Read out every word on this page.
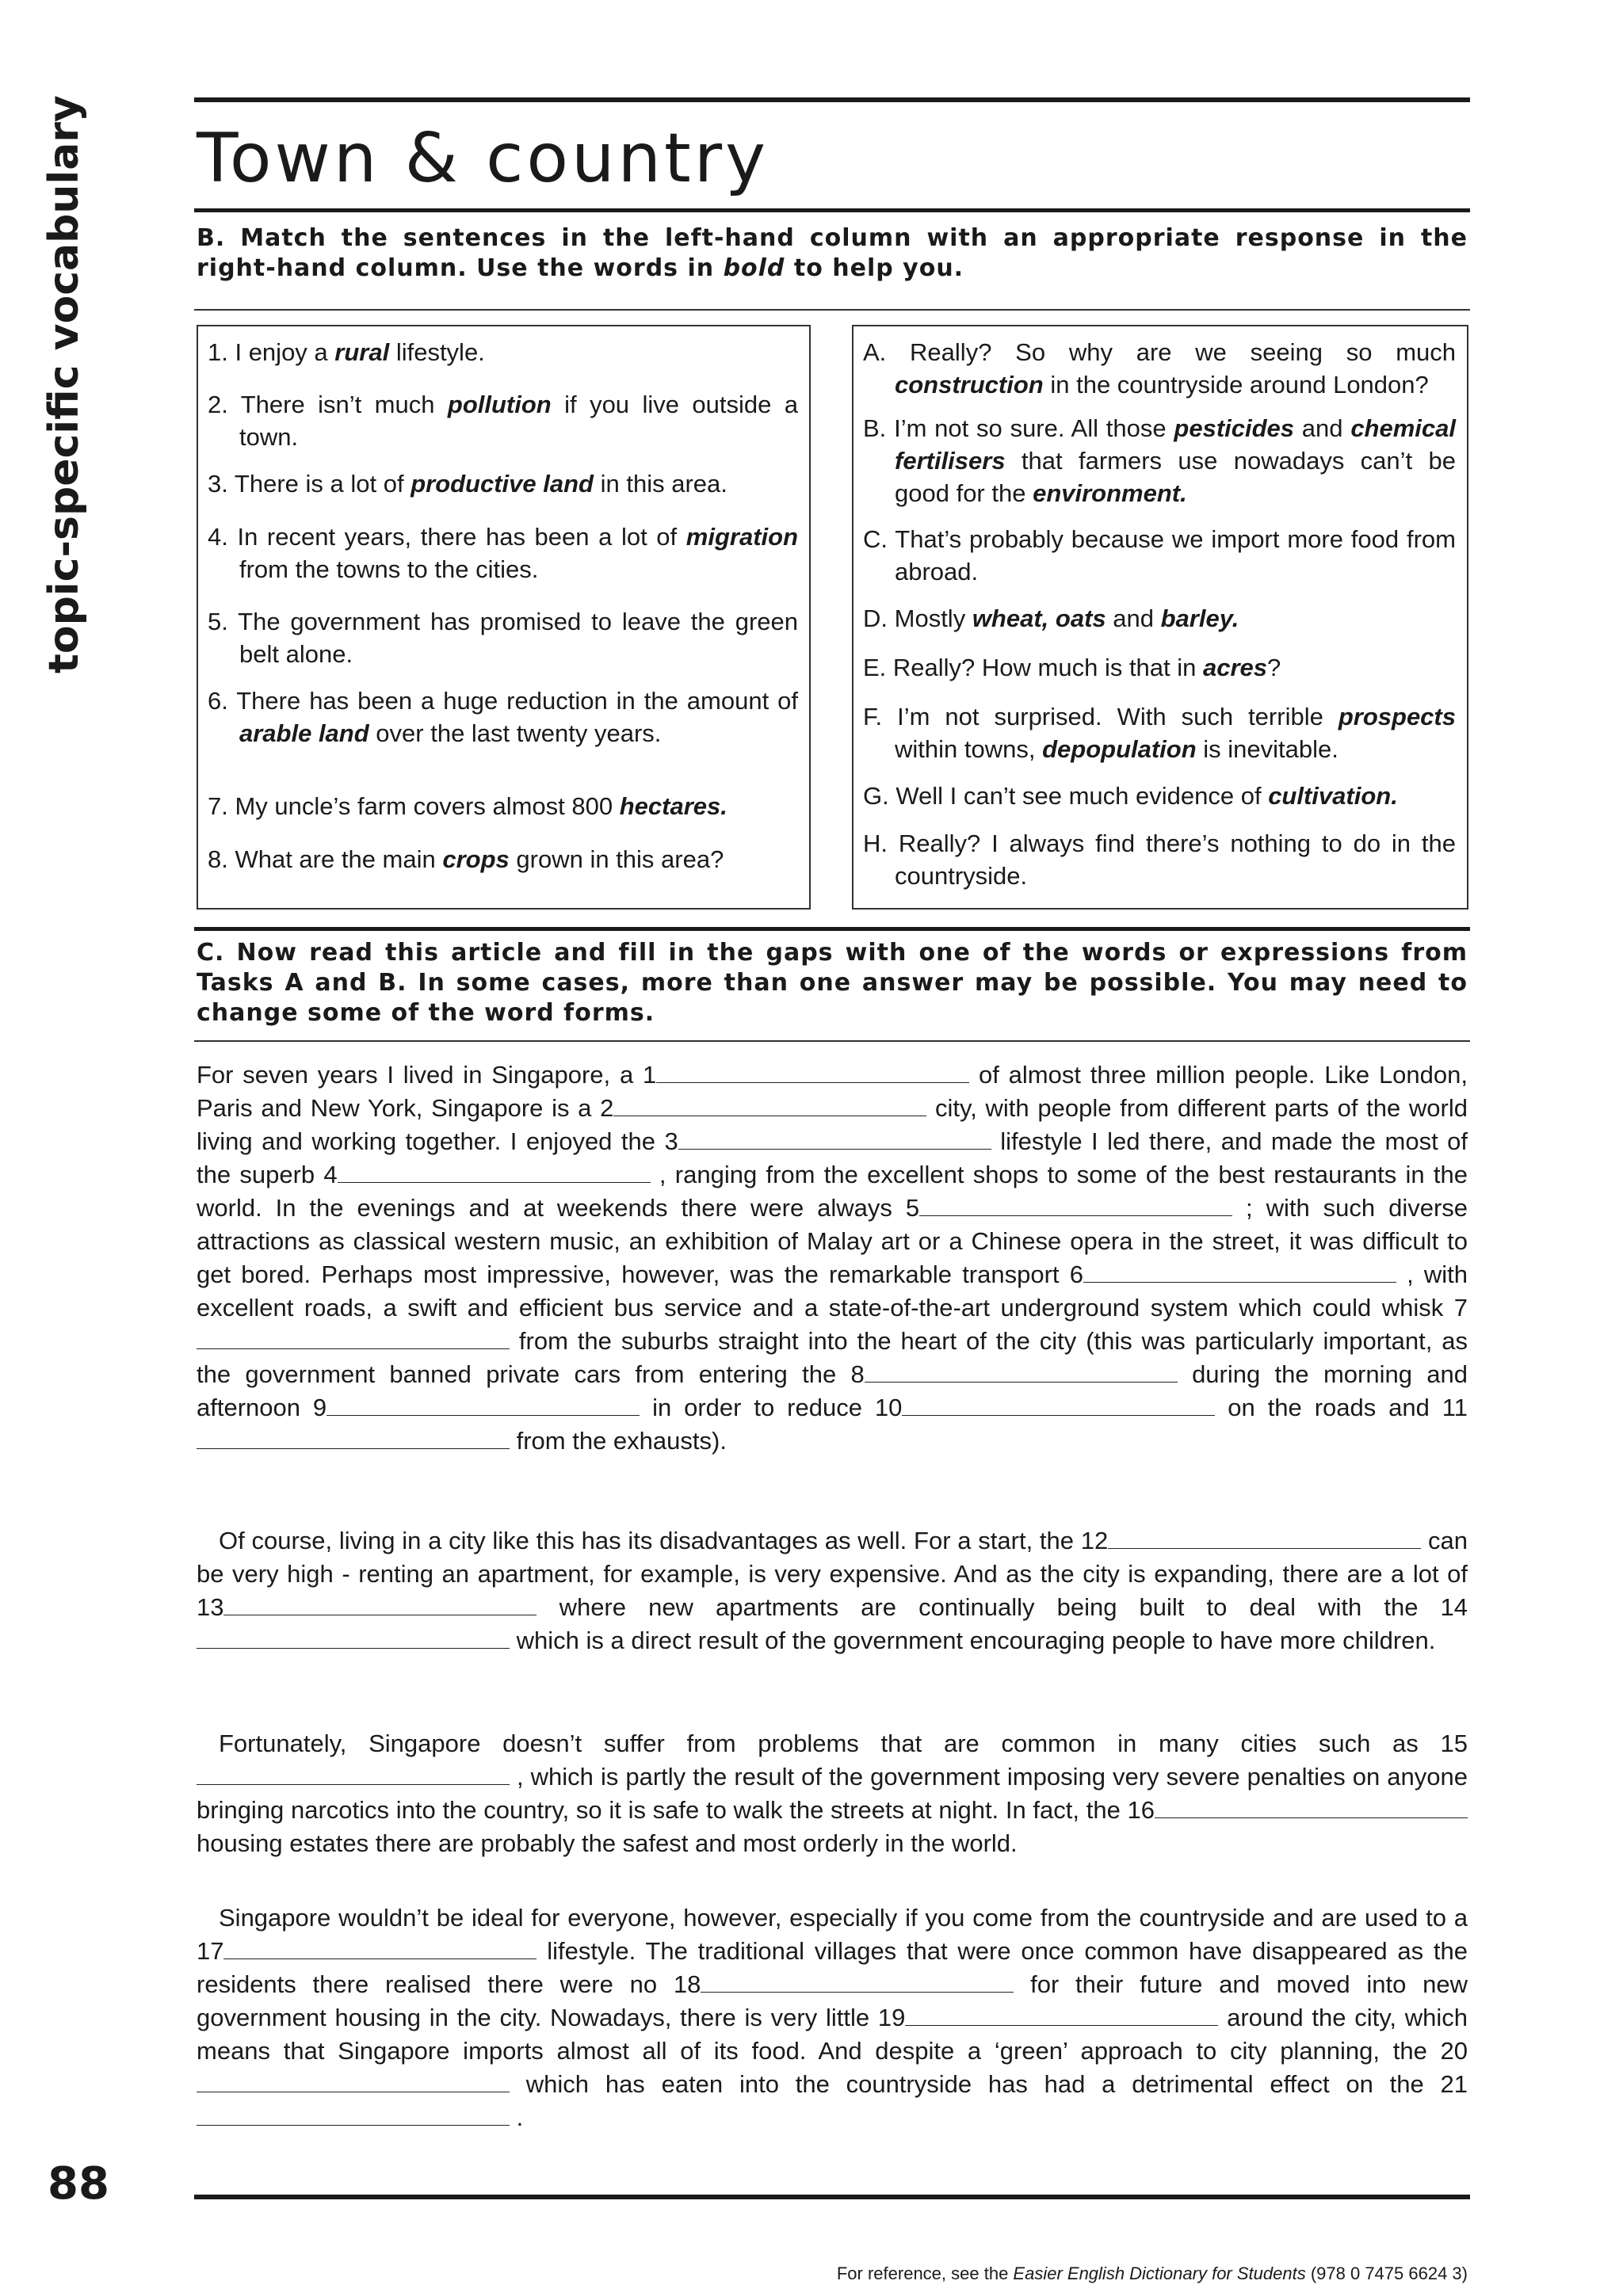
topic-specific vocabulary
88
Town & country
B. Match the sentences in the left-hand column with an appropriate response in the right-hand column. Use the words in bold to help you.
1. I enjoy a rural lifestyle.
2. There isn’t much pollution if you live outside a town.
3. There is a lot of productive land in this area.
4. In recent years, there has been a lot of migration from the towns to the cities.
5. The government has promised to leave the green belt alone.
6. There has been a huge reduction in the amount of arable land over the last twenty years.
7. My uncle’s farm covers almost 800 hectares.
8. What are the main crops grown in this area?
A. Really? So why are we seeing so much construction in the countryside around London?
B. I’m not so sure. All those pesticides and chemical fertilisers that farmers use nowadays can’t be good for the environment.
C. That’s probably because we import more food from abroad.
D. Mostly wheat, oats and barley.
E. Really? How much is that in acres?
F. I’m not surprised. With such terrible prospects within towns, depopulation is inevitable.
G. Well I can’t see much evidence of cultivation.
H. Really? I always find there’s nothing to do in the countryside.
C. Now read this article and fill in the gaps with one of the words or expressions from Tasks A and B. In some cases, more than one answer may be possible. You may need to change some of the word forms.
For seven years I lived in Singapore, a 1	of almost three million people. Like London, Paris and New York, Singapore is a 2	city, with people from different parts of the world living and working together. I enjoyed the 3	lifestyle I led there, and made the most of the superb 4	, ranging from the excellent shops to some of the best restaurants in the world. In the evenings and at weekends there were always 5	; with such diverse attractions as classical western music, an exhibition of Malay art or a Chinese opera in the street, it was difficult to get bored. Perhaps most impressive, however, was the remarkable transport 6	, with excellent roads, a swift and efficient bus service and a state-of-the-art underground system which could whisk 7 from the suburbs straight into the heart of the city (this was particularly important, as the government banned private cars from entering the 8	during the morning and afternoon 9	in order to reduce 10	on the roads and 11 from the exhausts).
Of course, living in a city like this has its disadvantages as well. For a start, the 12	can be very high - renting an apartment, for example, is very expensive. And as the city is expanding, there are a lot of 13	where new apartments are continually being built to deal with the 14 which is a direct result of the government encouraging people to have more children.
Fortunately, Singapore doesn’t suffer from problems that are common in many cities such as 15 , which is partly the result of the government imposing very severe penalties on anyone bringing narcotics into the country, so it is safe to walk the streets at night. In fact, the 16 housing estates there are probably the safest and most orderly in the world.
Singapore wouldn’t be ideal for everyone, however, especially if you come from the countryside and are used to a 17	lifestyle. The traditional villages that were once common have disappeared as the residents there realised there were no 18	for their future and moved into new government housing in the city. Nowadays, there is very little 19	around the city, which means that Singapore imports almost all of its food. And despite a ‘green’ approach to city planning, the 20 which has eaten into the countryside has had a detrimental effect on the 21 .
For reference, see the Easier English Dictionary for Students (978 0 7475 6624 3)
